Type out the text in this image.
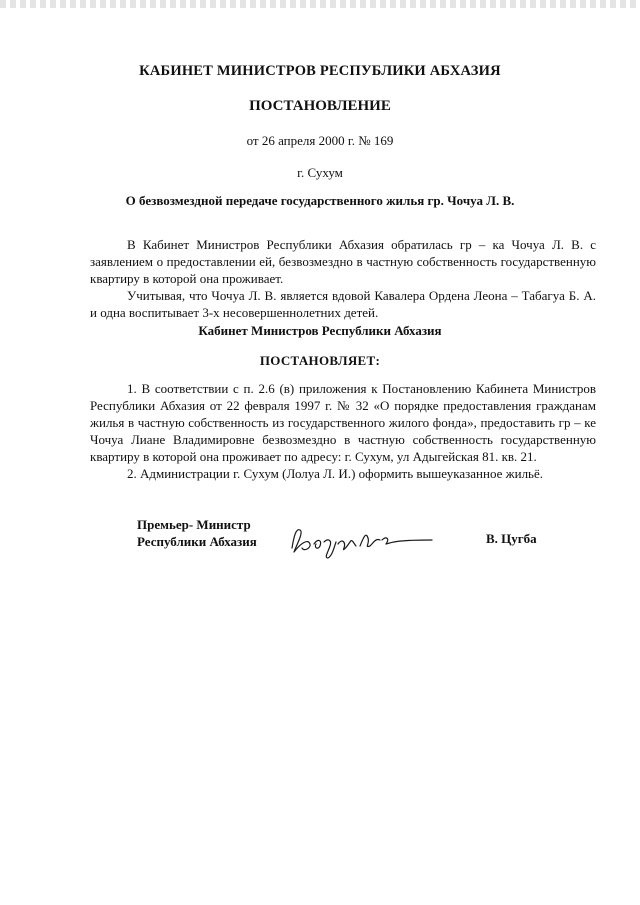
КАБИНЕТ МИНИСТРОВ РЕСПУБЛИКИ АБХАЗИЯ
ПОСТАНОВЛЕНИЕ
от 26 апреля 2000 г. № 169
г. Сухум
О безвозмездной передаче государственного жилья гр. Чочуа Л. В.

В Кабинет Министров Республики Абхазия обратилась гр – ка Чочуа Л. В. с заявлением о предоставлении ей, безвозмездно в частную собственность государственную квартиру в которой она проживает.

Учитывая, что Чочуа Л. В. является вдовой Кавалера Ордена Леона – Табагуа Б. А. и одна воспитывает 3-х несовершеннолетних детей.

Кабинет Министров Республики Абхазия
ПОСТАНОВЛЯЕТ:

1. В соответствии с п. 2.6 (в) приложения к Постановлению Кабинета Министров Республики Абхазия от 22 февраля 1997 г. № 32 «О порядке предоставления гражданам жилья в частную собственность из государственного жилого фонда», предоставить гр – ке Чочуа Лиане Владимировне безвозмездно в частную собственность государственную квартиру в которой она проживает по адресу: г. Сухум, ул Адыгейская 81. кв. 21.

2. Администрации г. Сухум (Лолуа Л. И.) оформить вышеуказанное жильё.

Премьер- Министр
Республики Абхазия	В. Цугба
